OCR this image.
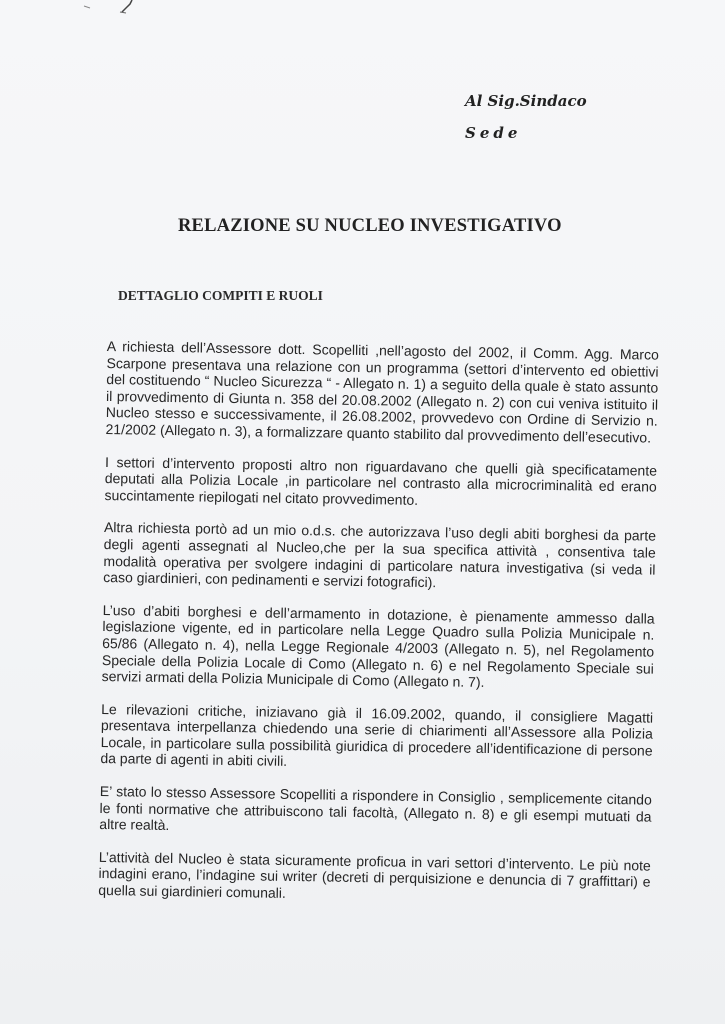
Al Sig.Sindaco
Sede
RELAZIONE SU NUCLEO INVESTIGATIVO
DETTAGLIO COMPITI E RUOLI

A richiesta dell’Assessore dott. Scopelliti ,nell’agosto del 2002, il Comm. Agg. Marco Scarpone presentava una relazione con un programma (settori d’intervento ed obiettivi del costituendo “ Nucleo Sicurezza “ - Allegato n. 1) a seguito della quale è stato assunto il provvedimento di Giunta n. 358 del 20.08.2002 (Allegato n. 2) con cui veniva istituito il Nucleo stesso e successivamente, il 26.08.2002, provvedevo con Ordine di Servizio n. 21/2002 (Allegato n. 3), a formalizzare quanto stabilito dal provvedimento dell’esecutivo.

I settori d’intervento proposti altro non riguardavano che quelli già specificatamente deputati alla Polizia Locale ,in particolare nel contrasto alla microcriminalità ed erano succintamente riepilogati nel citato provvedimento.

Altra richiesta portò ad un mio o.d.s. che autorizzava l’uso degli abiti borghesi da parte degli agenti assegnati al Nucleo,che per la sua specifica attività , consentiva tale modalità operativa per svolgere indagini di particolare natura investigativa (si veda il caso giardinieri, con pedinamenti e servizi fotografici).

L’uso d’abiti borghesi e dell’armamento in dotazione, è pienamente ammesso dalla legislazione vigente, ed in particolare nella Legge Quadro sulla Polizia Municipale n. 65/86 (Allegato n. 4), nella Legge Regionale 4/2003 (Allegato n. 5), nel Regolamento Speciale della Polizia Locale di Como (Allegato n. 6) e nel Regolamento Speciale sui servizi armati della Polizia Municipale di Como (Allegato n. 7).

Le rilevazioni critiche, iniziavano già il 16.09.2002, quando, il consigliere Magatti presentava interpellanza chiedendo una serie di chiarimenti all’Assessore alla Polizia Locale, in particolare sulla possibilità giuridica di procedere all’identificazione di persone da parte di agenti in abiti civili.

E’ stato lo stesso Assessore Scopelliti a rispondere in Consiglio , semplicemente citando le fonti normative che attribuiscono tali facoltà, (Allegato n. 8) e gli esempi mutuati da altre realtà.

L’attività del Nucleo è stata sicuramente proficua in vari settori d’intervento. Le più note indagini erano, l’indagine sui writer (decreti di perquisizione e denuncia di 7 graffittari) e quella sui giardinieri comunali.
